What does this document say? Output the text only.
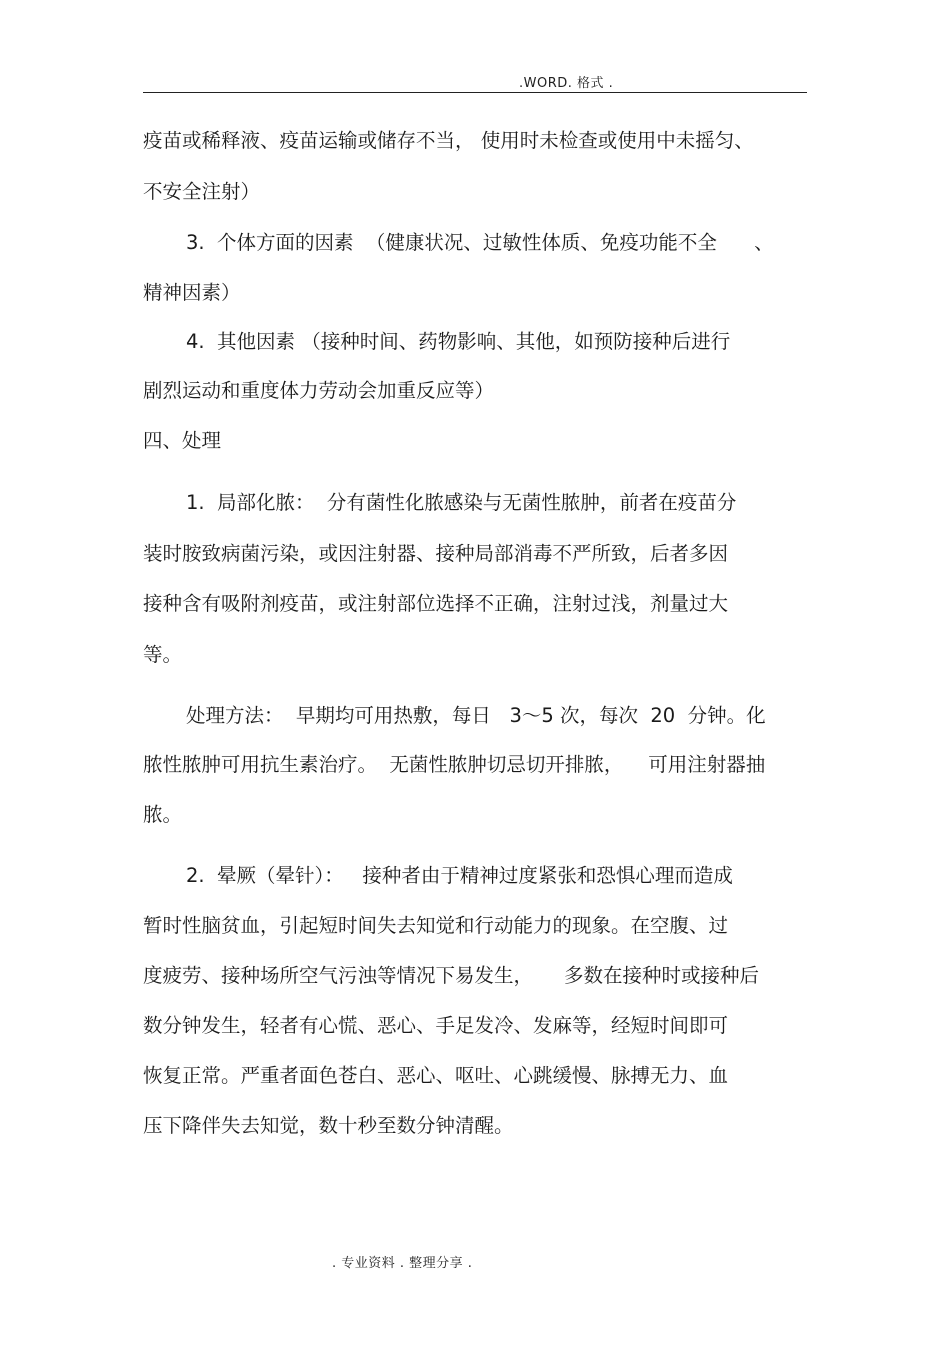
.WORD. 格式 .
疫苗或稀释液、疫苗运输或储存不当， 使用时未检查或使用中未摇匀、
不安全注射）
3.  个体方面的因素  （健康状况、过敏性体质、免疫功能不全      、
精神因素）
4.  其他因素 （接种时间、药物影响、其他，如预防接种后进行
剧烈运动和重度体力劳动会加重反应等）
四、处理
1.  局部化脓：  分有菌性化脓感染与无菌性脓肿，前者在疫苗分
装时胺致病菌污染，或因注射器、接种局部消毒不严所致，后者多因
接种含有吸附剂疫苗，或注射部位选择不正确，注射过浅，剂量过大
等。
处理方法：  早期均可用热敷，每日   3～5 次，每次  20  分钟。化
脓性脓肿可用抗生素治疗。  无菌性脓肿切忌切开排脓，    可用注射器抽
脓。
2.  晕厥（晕针）：   接种者由于精神过度紧张和恐惧心理而造成
暂时性脑贫血，引起短时间失去知觉和行动能力的现象。在空腹、过
度疲劳、接种场所空气污浊等情况下易发生，     多数在接种时或接种后
数分钟发生，轻者有心慌、恶心、手足发冷、发麻等，经短时间即可
恢复正常。严重者面色苍白、恶心、呕吐、心跳缓慢、脉搏无力、血
压下降伴失去知觉，数十秒至数分钟清醒。
. 专业资料 . 整理分享 .
